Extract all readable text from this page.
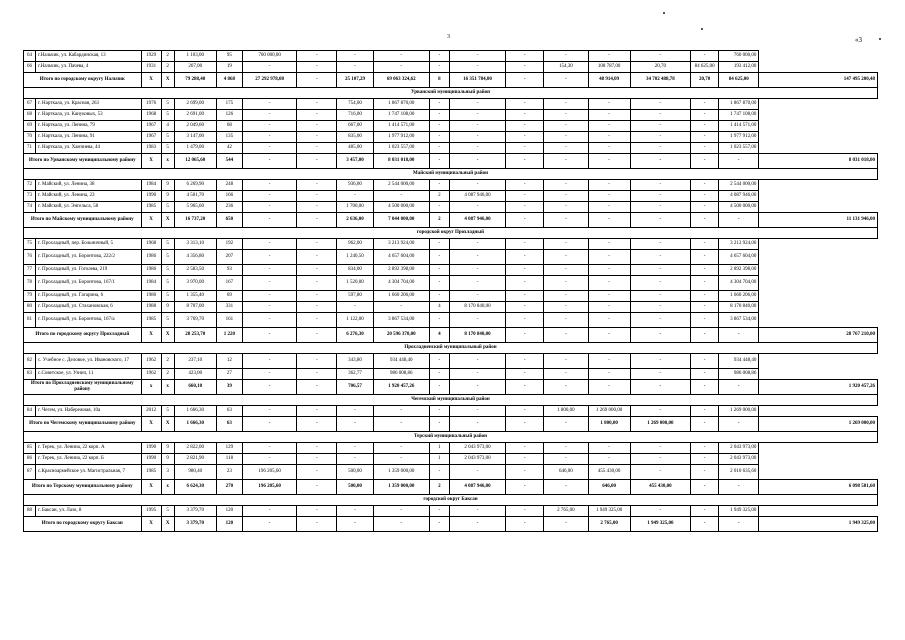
3	«3
64	г.Нальчик, ул. Кабардинская, 13	1929	2	1 103,00	95	760 000,00	-	-	-	-	-	-	-	-	-	-	760 000,00	
66	г.Нальчик, ул. Пачева, 4	1931	2	267,00	19	-	-	-	-	-	-	-	154,30	108 787,00	20,70	84 625,00	193 412,00	
Итого по городскому округу Нальчик		Х	Х	79 288,40	4 868	27 292 978,08	-	25 107,29	69 063 324,62	8	16 351 784,00	-	-	48 914,09	34 702 488,78	20,70	84 625,00	147 495 200,48
Урванский муниципальный район																		
67	г. Нарткала, ул. Красная, 263	1976	5	2 699,00	175	-	-	754,00	1 867 870,00	-	-	-	-	-	-	-	1 867 870,00	
68	г. Нарткала, ул. Кануковых, 53	1968	5	2 691,00	126	-	-	716,00	1 747 108,00	-	-	-	-	-	-	-	1 747 108,00	
69	г. Нарткала, ул. Ленина, 79	1967	4	2 049,60	68	-	-	667,00	1 414 571,00	-	-	-	-	-	-	-	1 414 571,00	
70	г. Нарткала, ул. Ленина, 91	1967	5	3 147,00	135	-	-	835,00	1 977 912,00	-	-	-	-	-	-	-	1 977 912,00	
71	г. Нарткала, ул. Хамчиева, 44	1983	5	1 479,00	42	-	-	485,00	1 023 557,00	-	-	-	-	-	-	-	1 023 557,00	
Итого по Урванскому муниципальному району		Х	х	12 065,60	544	-	-	3 457,00	8 031 018,00	-	-	-	-	-	-	-	-	8 031 018,00
Майский муниципальный район																		
72	г. Майский, ул. Ленина, 38	1984	9	6 269,90	248	-	-	936,00	2 544 000,00	-	-	-	-	-	-	-	2 544 000,00	
73	г. Майский, ул. Ленина, 23	1990	9	4 501,70	166	-	-	-	-	2	4 087 946,00	-	-	-	-	-	4 087 946,00	
74	г. Майский, ул. Энгельса, 58	1985	5	5 965,60	236	-	-	1 700,00	4 500 000,00	-	-	-	-	-	-	-	4 500 000,00	
Итого по Майскому муниципальному району		Х	Х	16 737,20	650	-	-	2 636,00	7 044 000,00	2	4 087 946,00	-	-	-	-	-	-	11 131 946,00
городской округ Прохладный																		
75	г. Прохладный, пер. Больничный, 5	1968	5	3 313,10	192	-	-	962,00	3 213 924,00	-	-	-	-	-	-	-	3 213 924,00	
76	г. Прохладный, ул. Боронтова, 222/2	1986	5	4 356,80	207	-	-	1 240,50	4 657 604,00	-	-	-	-	-	-	-	4 657 604,00	
77	г. Прохладный, ул. Гоголева, 219	1986	5	2 583,50	93	-	-	834,00	2 892 398,00	-	-	-	-	-	-	-	2 892 398,00	
78	г. Прохладный, ул. Боронтова, 167/1	1984	5	3 970,00	167	-	-	1 520,00	4 304 704,00	-	-	-	-	-	-	-	4 304 704,00	
79	г. Прохладный, ул. Гагарина, 6	1980	5	1 355,40	69	-	-	597,80	1 660 206,00	-	-	-	-	-	-	-	1 660 206,00	
80	г. Прохладный, ул. Стахановская, 6	1988	9	8 707,00	331	-	-	-	-	4	8 170 840,00	-	-	-	-	-	8 170 840,00	
81	г. Прохладный, ул. Боронтова, 167/а	1985	5	3 769,70	161	-	-	1 122,00	3 867 534,00	-	-	-	-	-	-	-	3 867 534,00	
Итого по городскому округу Прохладный		Х	Х	28 253,70	1 220	-	-	6 276,30	20 596 370,00	4	8 170 840,00	-	-	-	-	-	-	28 767 210,00
Прохладненский муниципальный район																		
82	с. Учебное с. Деловое, ул. Ивановского, 17	1962	2	237,10	12	-	-	343,80	934 448,40	-	-	-	-	-	-	-	934 448,40	
83	с.Советское, ул. Узнич, 11	1962	2	423,00	27	-	-	362,77	986 008,86	-	-	-	-	-	-	-	986 008,86	
Итого по Прохладненскому муниципальному району		х	х	660,10	39	-	-	706,57	1 920 457,26	-	-	-	-	-	-	-	-	1 920 457,26
Чегемский муниципальный район																		
84	г. Чегем, ул. Набережная, 10а	2012	5	1 666,30	63	-	-	-	-	-	-	-	1 800,00	1 269 000,00	-	-	1 269 000,00	
Итого по Чегемскому муниципальному району		Х	Х	1 666,30	63	-	-	-	-	-	-	-	-	1 800,00	1 269 000,00	-	-	1 269 000,00
Терский муниципальный район																		
85	г. Терек, ул. Ленина, 22 корп. А	1990	9	2 822,00	129	-	-	-	-	1	2 043 973,00	-	-	-	-	-	2 043 973,00	
86	г. Терек, ул. Ленина, 22 корп. Б	1990	9	2 821,90	118	-	-	-	-	1	2 043 973,00	-	-	-	-	-	2 043 973,00	
87	с.Красноармейское ул. Магистральная, 7	1985	3	980,40	23	196 205,60	-	500,00	1 359 000,00	-	-	-	646,00	455 430,00	-	-	2 010 635,60	
Итого по Терскому муниципальному району		Х	х	6 624,30	270	196 205,60	-	500,00	1 359 000,00	2	4 087 946,00	-	-	646,00	455 430,00	-	-	6 098 581,60
городской округ Баксан																		
88	г. Баксан, ул. Лазо, 8	1995	5	3 379,70	120	-	-	-	-	-	-	-	2 765,00	1 949 325,00	-	-	1 949 325,00	
Итого по городскому округу Баксан		Х	Х	3 379,70	120	-	-	-	-	-	-	-	-	2 765,00	1 949 325,00	-	-	1 949 325,00
